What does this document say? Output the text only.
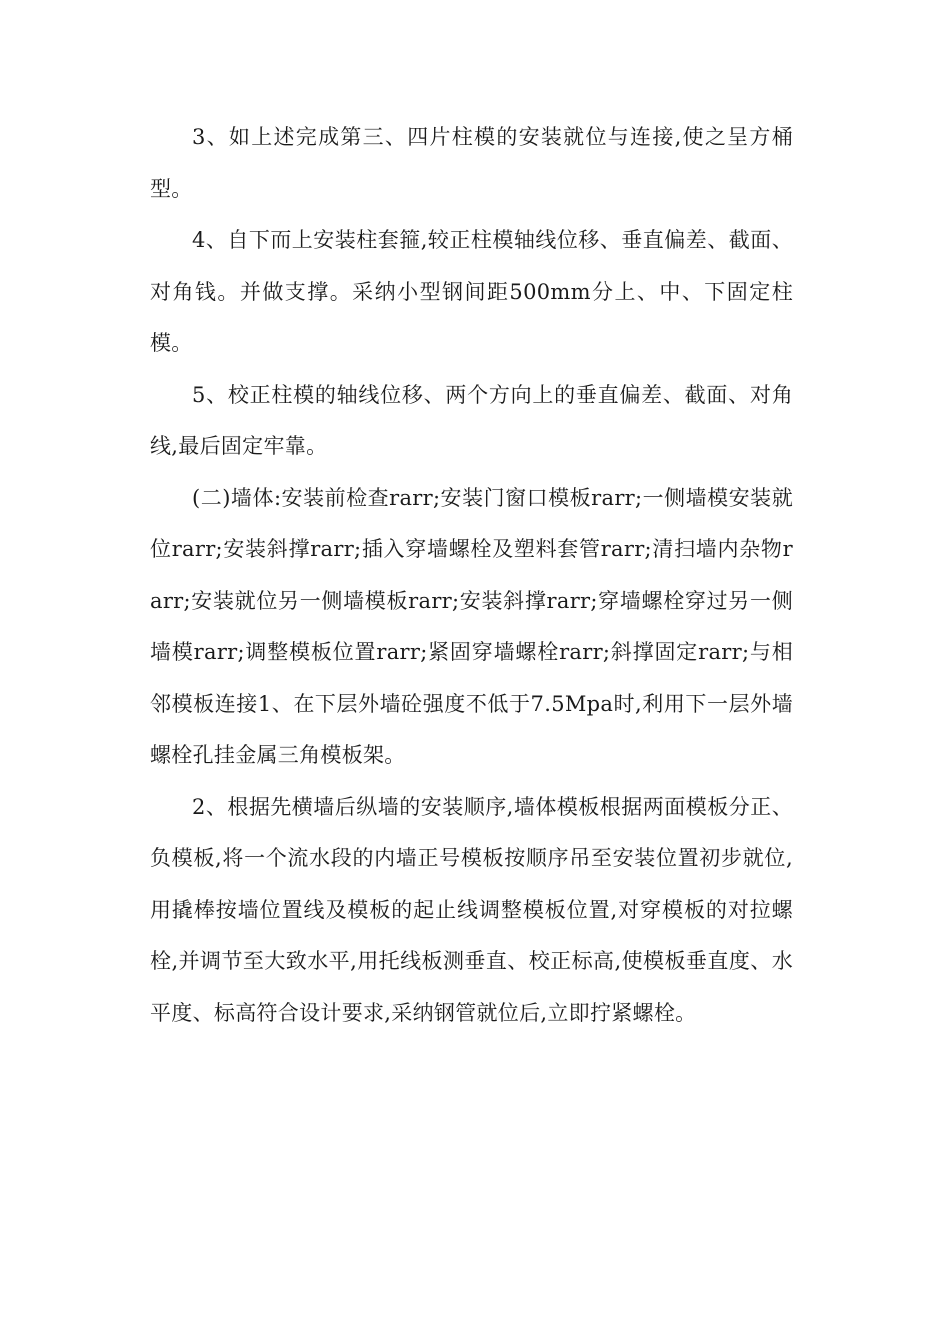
3、如上述完成第三、四片柱模的安装就位与连接,使之呈方桶型。

4、自下而上安装柱套箍,较正柱模轴线位移、垂直偏差、截面、对角钱。并做支撑。采纳小型钢间距500mm分上、中、下固定柱模。

5、校正柱模的轴线位移、两个方向上的垂直偏差、截面、对角线,最后固定牢靠。

(二)墙体:安装前检查rarr;安装门窗口模板rarr;一侧墙模安装就位rarr;安装斜撑rarr;插入穿墙螺栓及塑料套管rarr;清扫墙内杂物rarr;安装就位另一侧墙模板rarr;安装斜撑rarr;穿墙螺栓穿过另一侧墙模rarr;调整模板位置rarr;紧固穿墙螺栓rarr;斜撑固定rarr;与相邻模板连接1、在下层外墙砼强度不低于7.5Mpa时,利用下一层外墙螺栓孔挂金属三角模板架。

2、根据先横墙后纵墙的安装顺序,墙体模板根据两面模板分正、负模板,将一个流水段的内墙正号模板按顺序吊至安装位置初步就位,用撬棒按墙位置线及模板的起止线调整模板位置,对穿模板的对拉螺栓,并调节至大致水平,用托线板测垂直、校正标高,使模板垂直度、水平度、标高符合设计要求,采纳钢管就位后,立即拧紧螺栓。
